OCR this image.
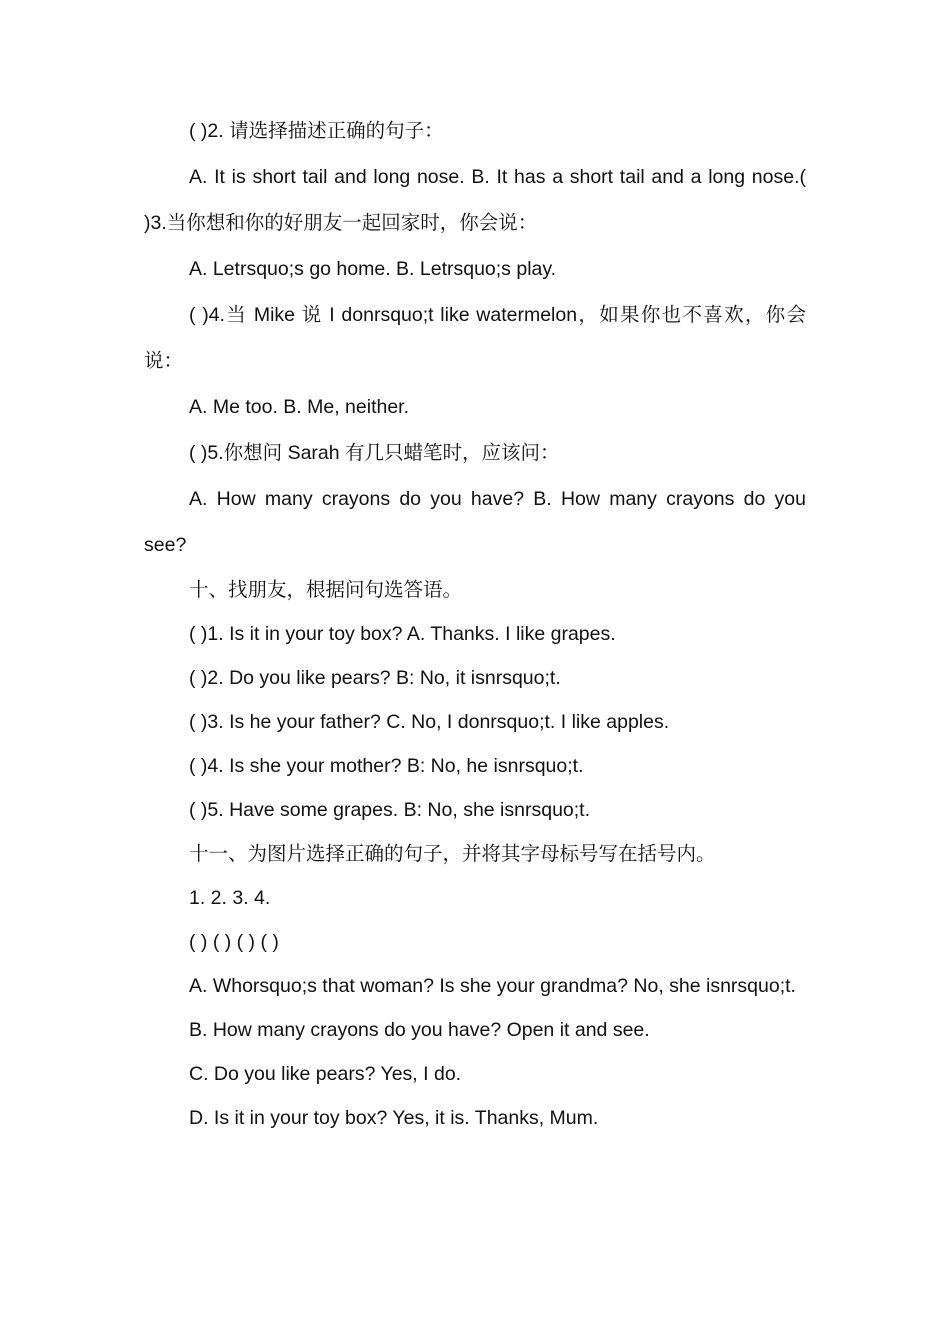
( )2. 请选择描述正确的句子：

A. It is short tail and long nose. B. It has a short tail and a long nose.( )3.当你想和你的好朋友一起回家时，你会说：

A. Letrsquo;s go home. B. Letrsquo;s play.

( )4.当 Mike 说 I donrsquo;t like watermelon，如果你也不喜欢，你会说：

A. Me too. B. Me, neither.

( )5.你想问 Sarah 有几只蜡笔时，应该问：

A. How many crayons do you have? B. How many crayons do you see?

十、找朋友，根据问句选答语。

( )1. Is it in your toy box? A. Thanks. I like grapes.

( )2. Do you like pears? B: No, it isnrsquo;t.

( )3. Is he your father? C. No, I donrsquo;t. I like apples.

( )4. Is she your mother? B: No, he isnrsquo;t.

( )5. Have some grapes. B: No, she isnrsquo;t.

十一、为图片选择正确的句子，并将其字母标号写在括号内。

1. 2. 3. 4.

( ) ( ) ( ) ( )

A. Whorsquo;s that woman? Is she your grandma? No, she isnrsquo;t.

B. How many crayons do you have? Open it and see.

C. Do you like pears? Yes, I do.

D. Is it in your toy box? Yes, it is. Thanks, Mum.
